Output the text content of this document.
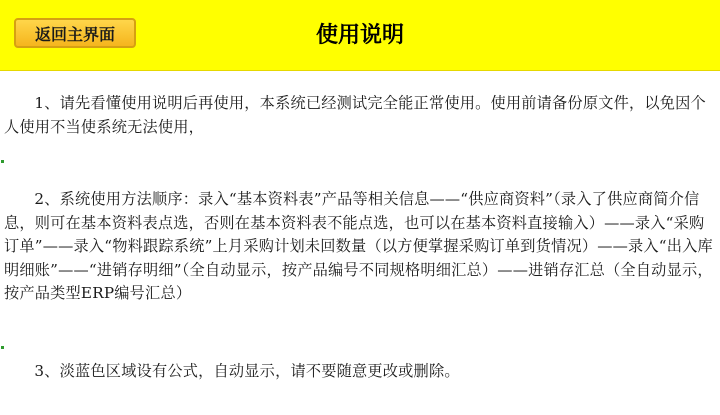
返回主界面	使用说明

1、请先看懂使用说明后再使用，本系统已经测试完全能正常使用。使用前请备份原文件，以免因个人使用不当使系统无法使用，

2、系统使用方法顺序：录入“基本资料表”产品等相关信息——“供应商资料”（录入了供应商简介信息，则可在基本资料表点选，否则在基本资料表不能点选，也可以在基本资料直接输入）——录入“采购订单”——录入“物料跟踪系统”上月采购计划未回数量（以方便掌握采购订单到货情况）——录入“出入库明细账”——“进销存明细”（全自动显示，按产品编号不同规格明细汇总）——进销存汇总（全自动显示，按产品类型ERP编号汇总）

3、淡蓝色区域设有公式，自动显示，请不要随意更改或删除。
